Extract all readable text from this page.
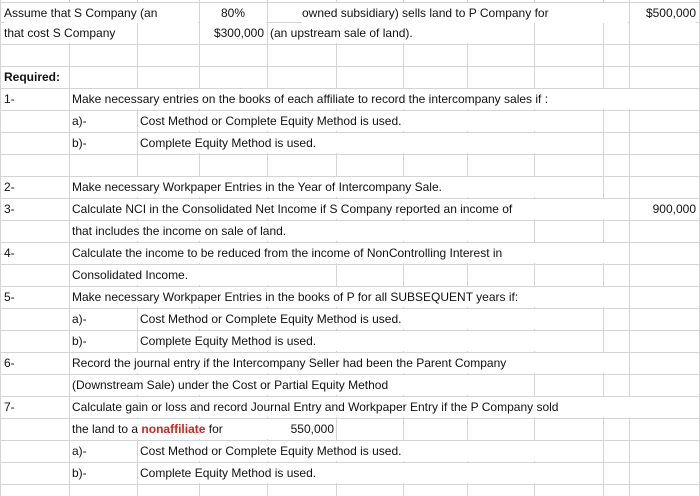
Assume that S Company (an	80%	owned subsidiary) sells land to P Company for	$500,000
that cost S Company	$300,000 (an upstream sale of land).
Required:
1-	Make necessary entries on the books of each affiliate to record the intercompany sales if :
a)-	Cost Method or Complete Equity Method is used.
b)-	Complete Equity Method is used.
2-	Make necessary Workpaper Entries in the Year of Intercompany Sale.
3-	Calculate NCI in the Consolidated Net Income if S Company reported an income of	900,000
that includes the income on sale of land.
4-	Calculate the income to be reduced from the income of NonControlling Interest in
Consolidated Income.
5-	Make necessary Workpaper Entries in the books of P for all SUBSEQUENT years if:
a)-	Cost Method or Complete Equity Method is used.
b)-	Complete Equity Method is used.
6-	Record the journal entry if the Intercompany Seller had been the Parent Company
(Downstream Sale) under the Cost or Partial Equity Method
7-	Calculate gain or loss and record Journal Entry and Workpaper Entry if the P Company sold
the land to a nonaffiliate for	550,000
a)-	Cost Method or Complete Equity Method is used.
b)-	Complete Equity Method is used.
